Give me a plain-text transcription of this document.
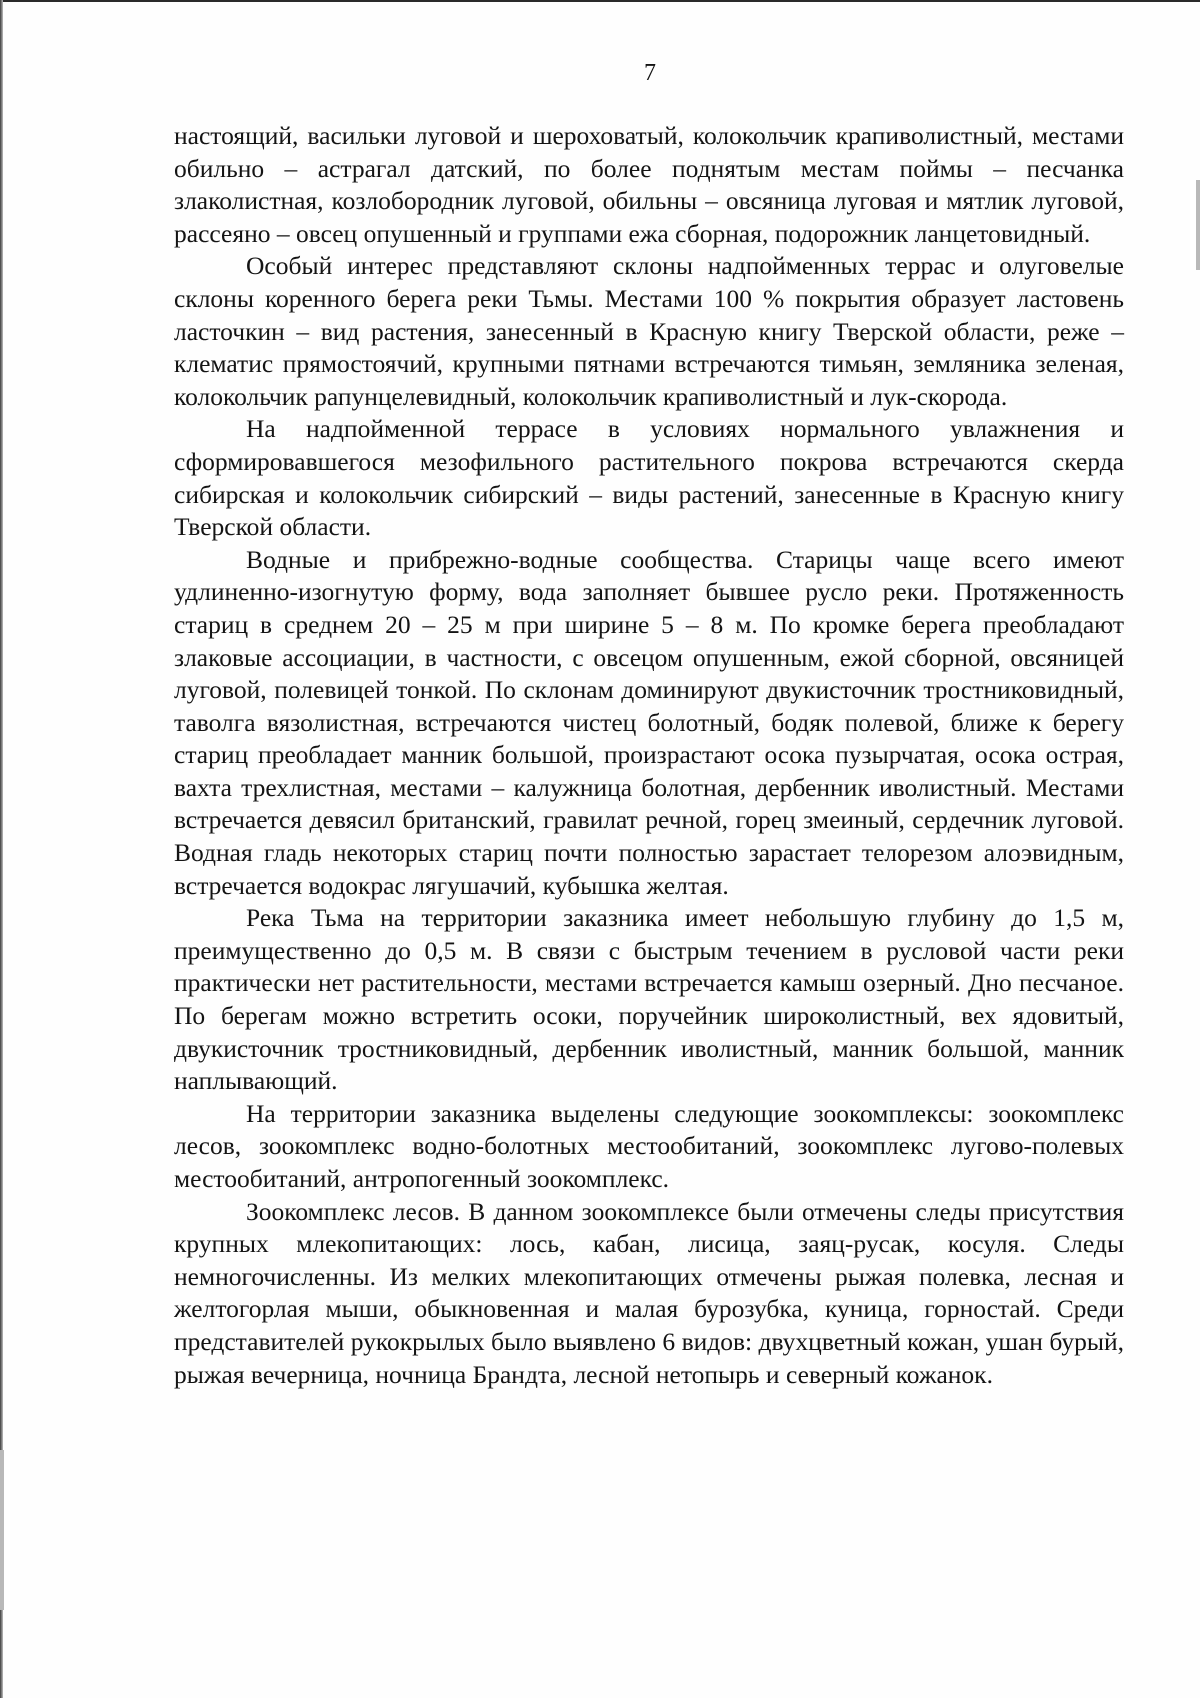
7

настоящий, васильки луговой и шероховатый, колокольчик крапиволистный, местами обильно – астрагал датский, по более поднятым местам поймы – песчанка злаколистная, козлобородник луговой, обильны – овсяница луговая и мятлик луговой, рассеяно – овсец опушенный и группами ежа сборная, подорожник ланцетовидный.

Особый интерес представляют склоны надпойменных террас и олуговелые склоны коренного берега реки Тьмы. Местами 100 % покрытия образует ластовень ласточкин – вид растения, занесенный в Красную книгу Тверской области, реже – клематис прямостоячий, крупными пятнами встречаются тимьян, земляника зеленая, колокольчик рапунцелевидный, колокольчик крапиволистный и лук-скорода.

На надпойменной террасе в условиях нормального увлажнения и сформировавшегося мезофильного растительного покрова встречаются скерда сибирская и колокольчик сибирский – виды растений, занесенные в Красную книгу Тверской области.

Водные и прибрежно-водные сообщества. Старицы чаще всего имеют удлиненно-изогнутую форму, вода заполняет бывшее русло реки. Протяженность стариц в среднем 20 – 25 м при ширине 5 – 8 м. По кромке берега преобладают злаковые ассоциации, в частности, с овсецом опушенным, ежой сборной, овсяницей луговой, полевицей тонкой. По склонам доминируют двукисточник тростниковидный, таволга вязолистная, встречаются чистец болотный, бодяк полевой, ближе к берегу стариц преобладает манник большой, произрастают осока пузырчатая, осока острая, вахта трехлистная, местами – калужница болотная, дербенник иволистный. Местами встречается девясил британский, гравилат речной, горец змеиный, сердечник луговой. Водная гладь некоторых стариц почти полностью зарастает телорезом алоэвидным, встречается водокрас лягушачий, кубышка желтая.

Река Тьма на территории заказника имеет небольшую глубину до 1,5 м, преимущественно до 0,5 м. В связи с быстрым течением в русловой части реки практически нет растительности, местами встречается камыш озерный. Дно песчаное. По берегам можно встретить осоки, поручейник широколистный, вех ядовитый, двукисточник тростниковидный, дербенник иволистный, манник большой, манник наплывающий.

На территории заказника выделены следующие зоокомплексы: зоокомплекс лесов, зоокомплекс водно-болотных местообитаний, зоокомплекс лугово-полевых местообитаний, антропогенный зоокомплекс.

Зоокомплекс лесов. В данном зоокомплексе были отмечены следы присутствия крупных млекопитающих: лось, кабан, лисица, заяц-русак, косуля. Следы немногочисленны. Из мелких млекопитающих отмечены рыжая полевка, лесная и желтогорлая мыши, обыкновенная и малая бурозубка, куница, горностай. Среди представителей рукокрылых было выявлено 6 видов: двухцветный кожан, ушан бурый, рыжая вечерница, ночница Брандта, лесной нетопырь и северный кожанок.
